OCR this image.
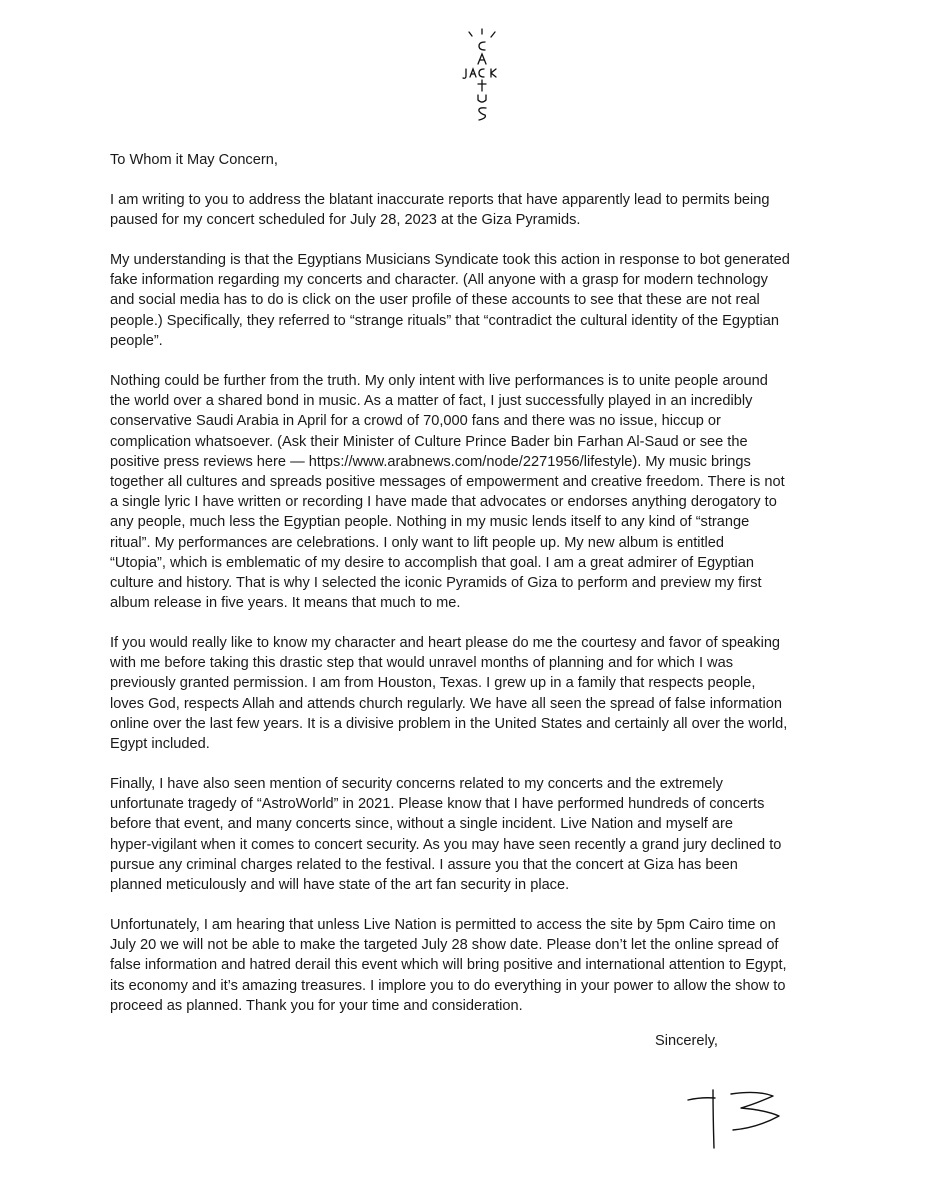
To Whom it May Concern,
I am writing to you to address the blatant inaccurate reports that have apparently lead to permits being
paused for my concert scheduled for July 28, 2023 at the Giza Pyramids.
My understanding is that the Egyptians Musicians Syndicate took this action in response to bot generated
fake information regarding my concerts and character. (All anyone with a grasp for modern technology
and social media has to do is click on the user profile of these accounts to see that these are not real
people.) Specifically, they referred to “strange rituals” that “contradict the cultural identity of the Egyptian
people”.
Nothing could be further from the truth. My only intent with live performances is to unite people around
the world over a shared bond in music. As a matter of fact, I just successfully played in an incredibly
conservative Saudi Arabia in April for a crowd of 70,000 fans and there was no issue, hiccup or
complication whatsoever. (Ask their Minister of Culture Prince Bader bin Farhan Al-Saud or see the
positive press reviews here — https://www.arabnews.com/node/2271956/lifestyle). My music brings
together all cultures and spreads positive messages of empowerment and creative freedom. There is not
a single lyric I have written or recording I have made that advocates or endorses anything derogatory to
any people, much less the Egyptian people. Nothing in my music lends itself to any kind of “strange
ritual”. My performances are celebrations. I only want to lift people up. My new album is entitled
“Utopia”, which is emblematic of my desire to accomplish that goal. I am a great admirer of Egyptian
culture and history. That is why I selected the iconic Pyramids of Giza to perform and preview my first
album release in five years. It means that much to me.
If you would really like to know my character and heart please do me the courtesy and favor of speaking
with me before taking this drastic step that would unravel months of planning and for which I was
previously granted permission. I am from Houston, Texas. I grew up in a family that respects people,
loves God, respects Allah and attends church regularly. We have all seen the spread of false information
online over the last few years. It is a divisive problem in the United States and certainly all over the world,
Egypt included.
Finally, I have also seen mention of security concerns related to my concerts and the extremely
unfortunate tragedy of “AstroWorld” in 2021. Please know that I have performed hundreds of concerts
before that event, and many concerts since, without a single incident. Live Nation and myself are
hyper-vigilant when it comes to concert security. As you may have seen recently a grand jury declined to
pursue any criminal charges related to the festival. I assure you that the concert at Giza has been
planned meticulously and will have state of the art fan security in place.
Unfortunately, I am hearing that unless Live Nation is permitted to access the site by 5pm Cairo time on
July 20 we will not be able to make the targeted July 28 show date. Please don’t let the online spread of
false information and hatred derail this event which will bring positive and international attention to Egypt,
its economy and it’s amazing treasures. I implore you to do everything in your power to allow the show to
proceed as planned. Thank you for your time and consideration.
Sincerely,
